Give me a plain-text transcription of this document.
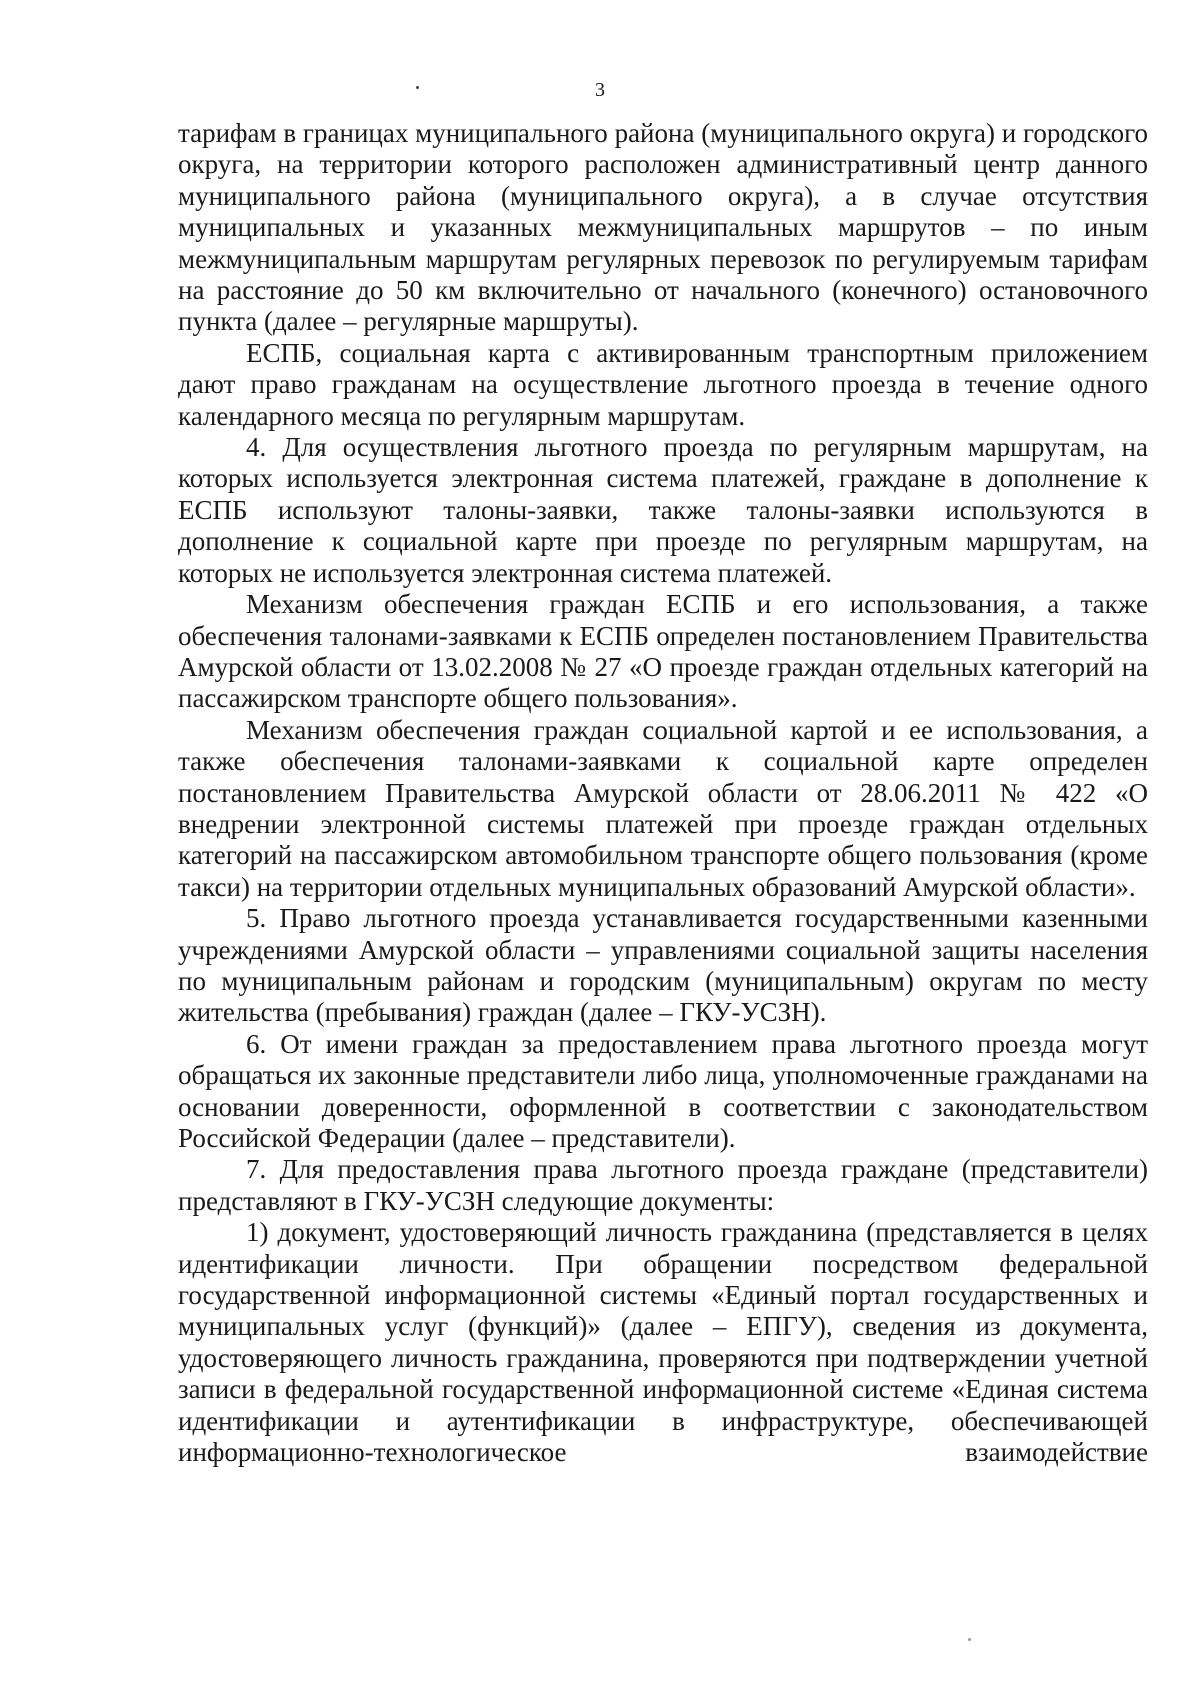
3

тарифам в границах муниципального района (муниципального округа) и городского округа, на территории которого расположен административный центр данного муниципального района (муниципального округа), а в случае отсутствия муниципальных и указанных межмуниципальных маршрутов – по иным межмуниципальным маршрутам регулярных перевозок по регулируемым тарифам на расстояние до 50 км включительно от начального (конечного) остановочного пункта (далее – регулярные маршруты).

ЕСПБ, социальная карта с активированным транспортным приложением дают право гражданам на осуществление льготного проезда в течение одного календарного месяца по регулярным маршрутам.

4. Для осуществления льготного проезда по регулярным маршрутам, на которых используется электронная система платежей, граждане в дополнение к ЕСПБ используют талоны-заявки, также талоны-заявки используются в дополнение к социальной карте при проезде по регулярным маршрутам, на которых не используется электронная система платежей.

Механизм обеспечения граждан ЕСПБ и его использования, а также обеспечения талонами-заявками к ЕСПБ определен постановлением Правительства Амурской области от 13.02.2008 № 27 «О проезде граждан отдельных категорий на пассажирском транспорте общего пользования».

Механизм обеспечения граждан социальной картой и ее использования, а также обеспечения талонами-заявками к социальной карте определен постановлением Правительства Амурской области от 28.06.2011 № 422 «О внедрении электронной системы платежей при проезде граждан отдельных категорий на пассажирском автомобильном транспорте общего пользования (кроме такси) на территории отдельных муниципальных образований Амурской области».

5. Право льготного проезда устанавливается государственными казенными учреждениями Амурской области – управлениями социальной защиты населения по муниципальным районам и городским (муниципальным) округам по месту жительства (пребывания) граждан (далее – ГКУ-УСЗН).

6. От имени граждан за предоставлением права льготного проезда могут обращаться их законные представители либо лица, уполномоченные гражданами на основании доверенности, оформленной в соответствии с законодательством Российской Федерации (далее – представители).

7. Для предоставления права льготного проезда граждане (представители) представляют в ГКУ-УСЗН следующие документы:

1) документ, удостоверяющий личность гражданина (представляется в целях идентификации личности. При обращении посредством федеральной государственной информационной системы «Единый портал государственных и муниципальных услуг (функций)» (далее – ЕПГУ), сведения из документа, удостоверяющего личность гражданина, проверяются при подтверждении учетной записи в федеральной государственной информационной системе «Единая система идентификации и аутентификации в инфраструктуре, обеспечивающей информационно-технологическое взаимодействие
